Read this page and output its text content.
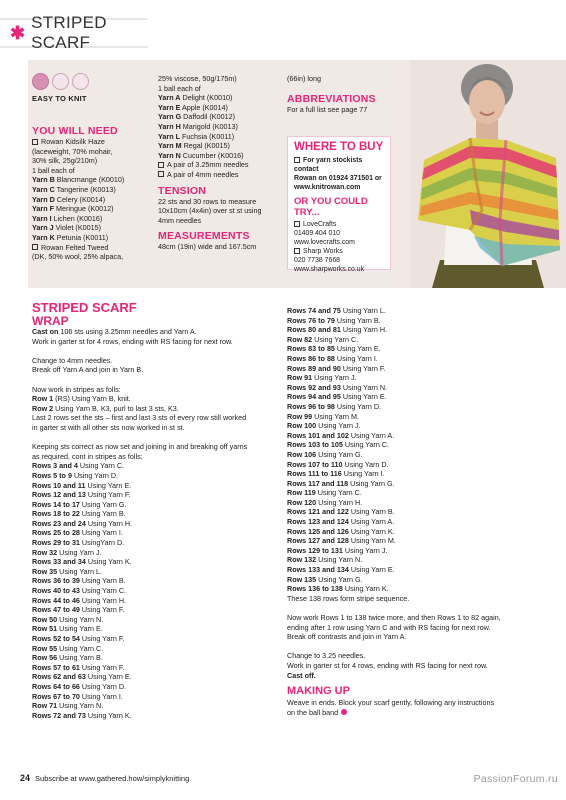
✱
STRIPED SCARF
EASY TO KNIT
YOU WILL NEED
Rowan Kidsilk Haze
(laceweight, 70% mohair,
30% silk, 25g/210m)
1 ball each of
Yarn B Blancmange (K0010)
Yarn C Tangerine (K0013)
Yarn D Celery (K0014)
Yarn F Meringue (K0012)
Yarn I Lichen (K0016)
Yarn J Violet (K0015)
Yarn K Petunia (K0011)
Rowan Felted Tweed
(DK, 50% wool, 25% alpaca,
25% viscose, 50g/175m)
1 ball each of
Yarn A Delight (K0010)
Yarn E Apple (K0014)
Yarn G Daffodil (K0012)
Yarn H Marigold (K0013)
Yarn L Fuchsia (K0011)
Yarn M Regal (K0015)
Yarn N Cucumber (K0016)
A pair of 3.25mm needles
A pair of 4mm needles
TENSION
22 sts and 30 rows to measure
10x10cm (4x4in) over st st using
4mm needles
MEASUREMENTS
48cm (19in) wide and 167.5cm
(66in) long
ABBREVIATIONS
For a full list see page 77
WHERE TO BUY
For yarn stockists contact
Rowan on 01924 371501 or
www.knitrowan.com
OR YOU COULD TRY...
LoveCrafts
01409 404 010
www.lovecrafts.com
Sharp Works
020 7738 7668
www.sharpworks.co.uk
STRIPED SCARF
WRAP
Cast on 106 sts using 3.25mm needles and Yarn A.
Work in garter st for 4 rows, ending with RS facing for next row.
Change to 4mm needles.
Break off Yarn A and join in Yarn B.
Now work in stripes as folls:
Row 1 (RS) Using Yarn B, knit.
Row 2 Using Yarn B, K3, purl to last 3 sts, K3.
Last 2 rows set the sts – first and last 3 sts of every row still worked
in garter st with all other sts now worked in st st.
Keeping sts correct as now set and joining in and breaking off yarns
as required, cont in stripes as folls:
Rows 3 and 4 Using Yarn C.
Rows 5 to 9 Using Yarn D.
Rows 10 and 11 Using Yarn E.
Rows 12 and 13 Using Yarn F.
Rows 14 to 17 Using Yarn G.
Rows 18 to 22 Using Yarn B.
Rows 23 and 24 Using Yarn H.
Rows 25 to 28 Using Yarn I.
Rows 29 to 31 UsingYarn D.
Row 32 Using Yarn J.
Rows 33 and 34 Using Yarn K.
Row 35 Using Yarn L.
Rows 36 to 39 Using Yarn B.
Rows 40 to 43 Using Yarn C.
Rows 44 to 46 Using Yarn H.
Rows 47 to 49 Using Yarn F.
Row 50 Using Yarn N.
Row 51 Using Yarn E.
Rows 52 to 54 Using Yarn F.
Row 55 Using Yarn C.
Row 56 Using Yarn B.
Rows 57 to 61 Using Yarn F.
Rows 62 and 63 Using Yarn E.
Rows 64 to 66 Using Yarn D.
Rows 67 to 70 Using Yarn I.
Row 71 Using Yarn N.
Rows 72 and 73 Using Yarn K.
Rows 74 and 75 Using Yarn L.
Rows 76 to 79 Using Yarn B.
Rows 80 and 81 Using Yarn H.
Row 82 Using Yarn C.
Rows 83 to 85 Using Yarn E.
Rows 86 to 88 Using Yarn I.
Rows 89 and 90 Using Yarn F.
Row 91 Using Yarn J.
Rows 92 and 93 Using Yarn N.
Rows 94 and 95 Using Yarn E.
Rows 96 to 98 Using Yarn D.
Row 99 Using Yarn M.
Row 100 Using Yarn J.
Rows 101 and 102 Using Yarn A.
Rows 103 to 105 Using Yarn C.
Row 106 Using Yarn G.
Rows 107 to 110 Using Yarn D.
Rows 111 to 116 Using Yarn I.
Rows 117 and 118 Using Yarn G.
Row 119 Using Yarn C.
Row 120 Using Yarn H.
Rows 121 and 122 Using Yarn B.
Rows 123 and 124 Using Yarn A.
Rows 125 and 126 Using Yarn K.
Rows 127 and 128 Using Yarn M.
Rows 129 to 131 Using Yarn J.
Row 132 Using Yarn N.
Rows 133 and 134 Using Yarn E.
Row 135 Using Yarn G.
Rows 136 to 138 Using Yarn K.
These 138 rows form stripe sequence.
Now work Rows 1 to 138 twice more, and then Rows 1 to 82 again,
ending after 1 row using Yarn C and with RS facing for next row.
Break off contrasts and join in Yarn A.
Change to 3.25 needles.
Work in garter st for 4 rows, ending with RS facing for next row.
Cast off.
MAKING UP
Weave in ends. Block your scarf gently, following any instructions
on the ball band
24 Subscribe at www.gathered.how/simplyknitting	PassionForum.ru
